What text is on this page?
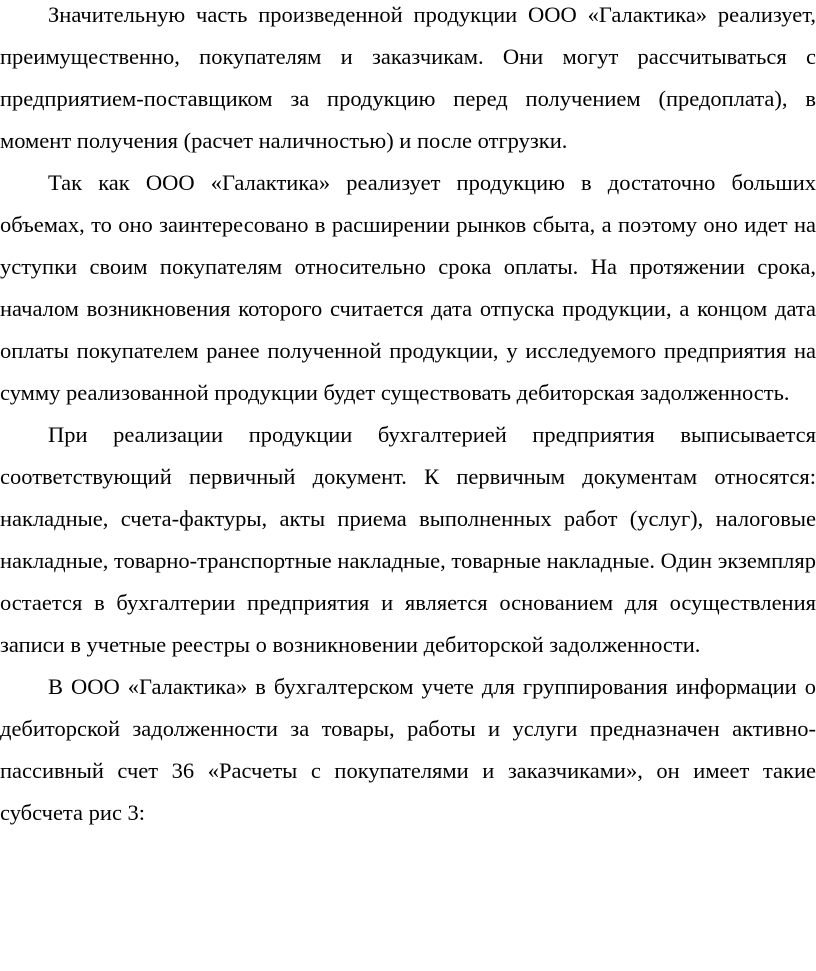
Значительную часть произведенной продукции ООО «Галактика» реализует, преимущественно, покупателям и заказчикам. Они могут рассчитываться с предприятием-поставщиком за продукцию перед получением (предоплата), в момент получения (расчет наличностью) и после отгрузки.

Так как ООО «Галактика» реализует продукцию в достаточно больших объемах, то оно заинтересовано в расширении рынков сбыта, а поэтому оно идет на уступки своим покупателям относительно срока оплаты. На протяжении срока, началом возникновения которого считается дата отпуска продукции, а концом дата оплаты покупателем ранее полученной продукции, у исследуемого предприятия на сумму реализованной продукции будет существовать дебиторская задолженность.

При реализации продукции бухгалтерией предприятия выписывается соответствующий первичный документ. К первичным документам относятся: накладные, счета-фактуры, акты приема выполненных работ (услуг), налоговые накладные, товарно-транспортные накладные, товарные накладные. Один экземпляр остается в бухгалтерии предприятия и является основанием для осуществления записи в учетные реестры о возникновении дебиторской задолженности.

В ООО «Галактика» в бухгалтерском учете для группирования информации о дебиторской задолженности за товары, работы и услуги предназначен активно-пассивный счет 36 «Расчеты с покупателями и заказчиками», он имеет такие субсчета рис 3:
